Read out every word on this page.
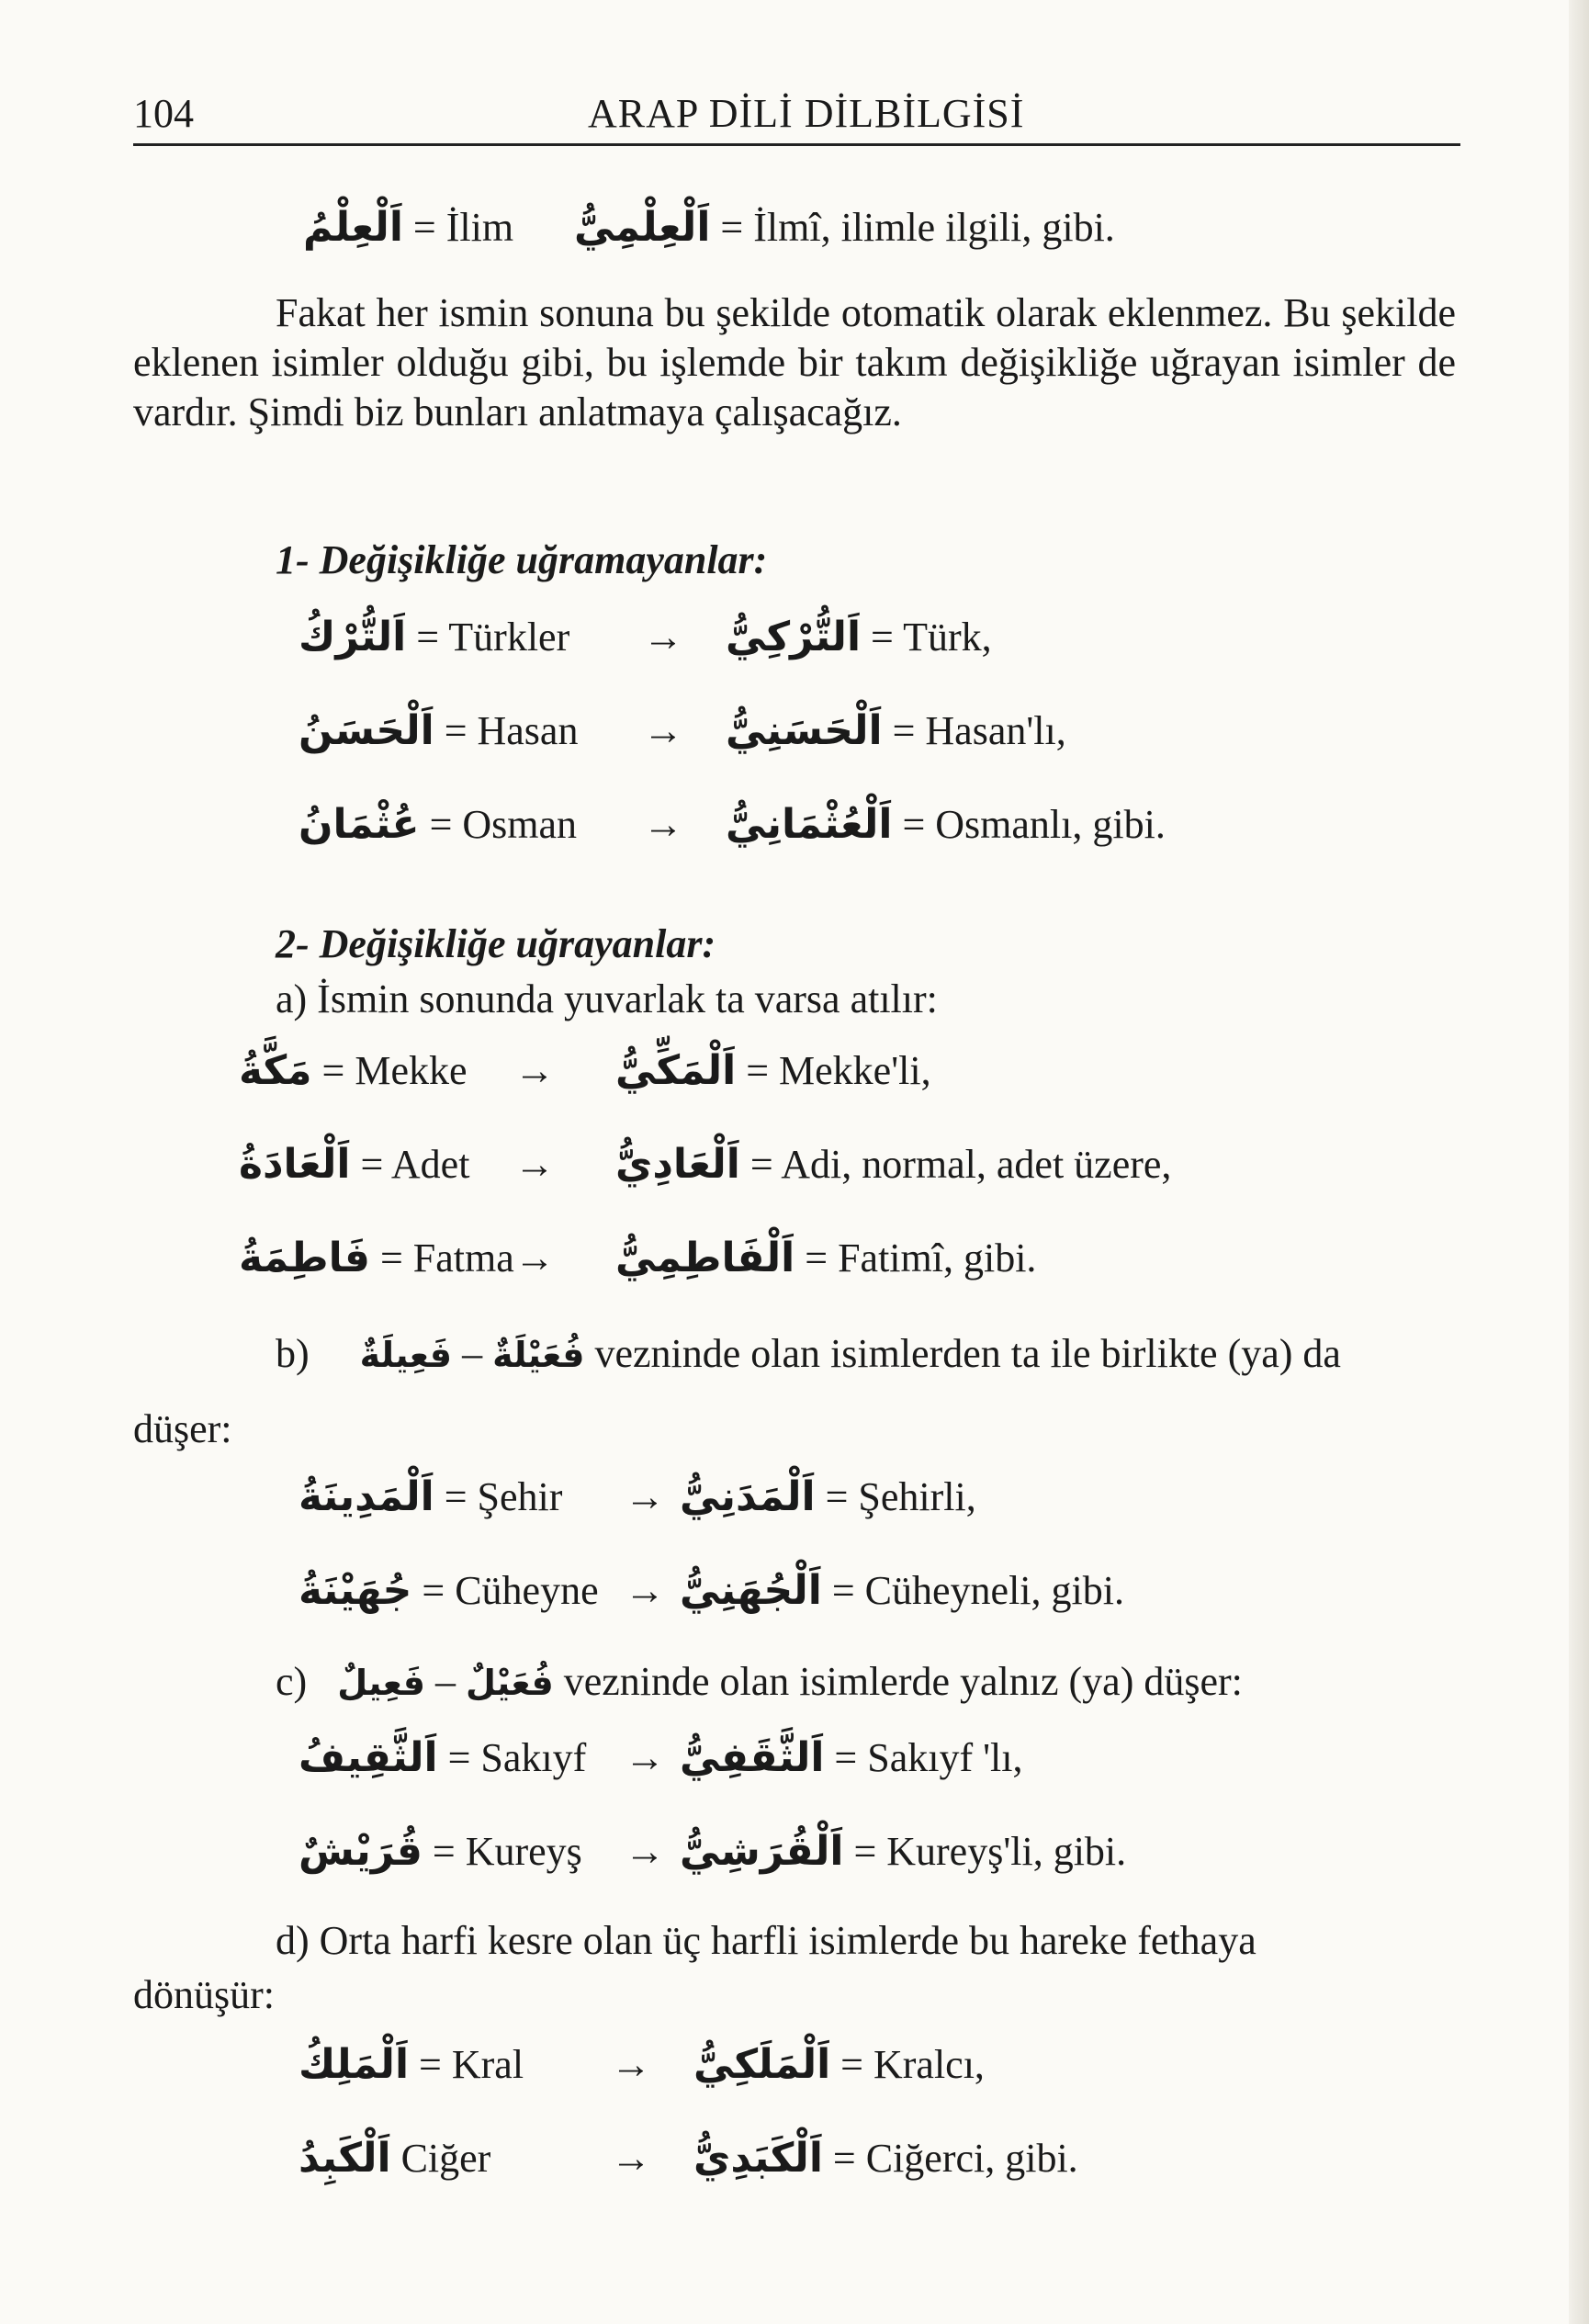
104	ARAP DİLİ DİLBİLGİSİ
اَلْعِلْمُ = İlim اَلْعِلْمِيُّ = İlmî, ilimle ilgili, gibi.

Fakat her ismin sonuna bu şekilde otomatik olarak eklenmez. Bu şekilde eklenen isimler olduğu gibi, bu işlemde bir takım değişikliğe uğrayan isimler de vardır. Şimdi biz bunları anlatmaya çalışacağız.

1- Değişikliğe uğramayanlar:
2- Değişikliğe uğrayanlar:
a) İsmin sonunda yuvarlak ta varsa atılır:
b) فَعِيلَةٌ – فُعَيْلَةٌ vezninde olan isimlerden ta ile birlikte (ya) da
düşer:
c) فَعِيلٌ – فُعَيْلٌ vezninde olan isimlerde yalnız (ya) düşer:
d) Orta harfi kesre olan üç harfli isimlerde bu hareke fethaya
dönüşür:
اَلتُّرْكُ = Türkler → اَلتُّرْكِيُّ = Türk,
اَلْحَسَنُ = Hasan → اَلْحَسَنِيُّ = Hasan'lı,
عُثْمَانُ = Osman → اَلْعُثْمَانِيُّ = Osmanlı, gibi.
مَكَّةُ = Mekke → اَلْمَكِّيُّ = Mekke'li,
اَلْعَادَةُ = Adet → اَلْعَادِيُّ = Adi, normal, adet üzere,
فَاطِمَةُ = Fatma → اَلْفَاطِمِيُّ = Fatimî, gibi.
اَلْمَدِينَةُ = Şehir → اَلْمَدَنِيُّ = Şehirli,
جُهَيْنَةُ = Cüheyne → اَلْجُهَنِيُّ = Cüheyneli, gibi.
اَلثَّقِيفُ = Sakıyf → اَلثَّقَفِيُّ = Sakıyf 'lı,
قُرَيْشٌ = Kureyş → اَلْقُرَشِيُّ = Kureyş'li, gibi.
اَلْمَلِكُ = Kral → اَلْمَلَكِيُّ = Kralcı,
اَلْكَبِدُ Ciğer	→ اَلْكَبَدِيُّ = Ciğerci, gibi.
